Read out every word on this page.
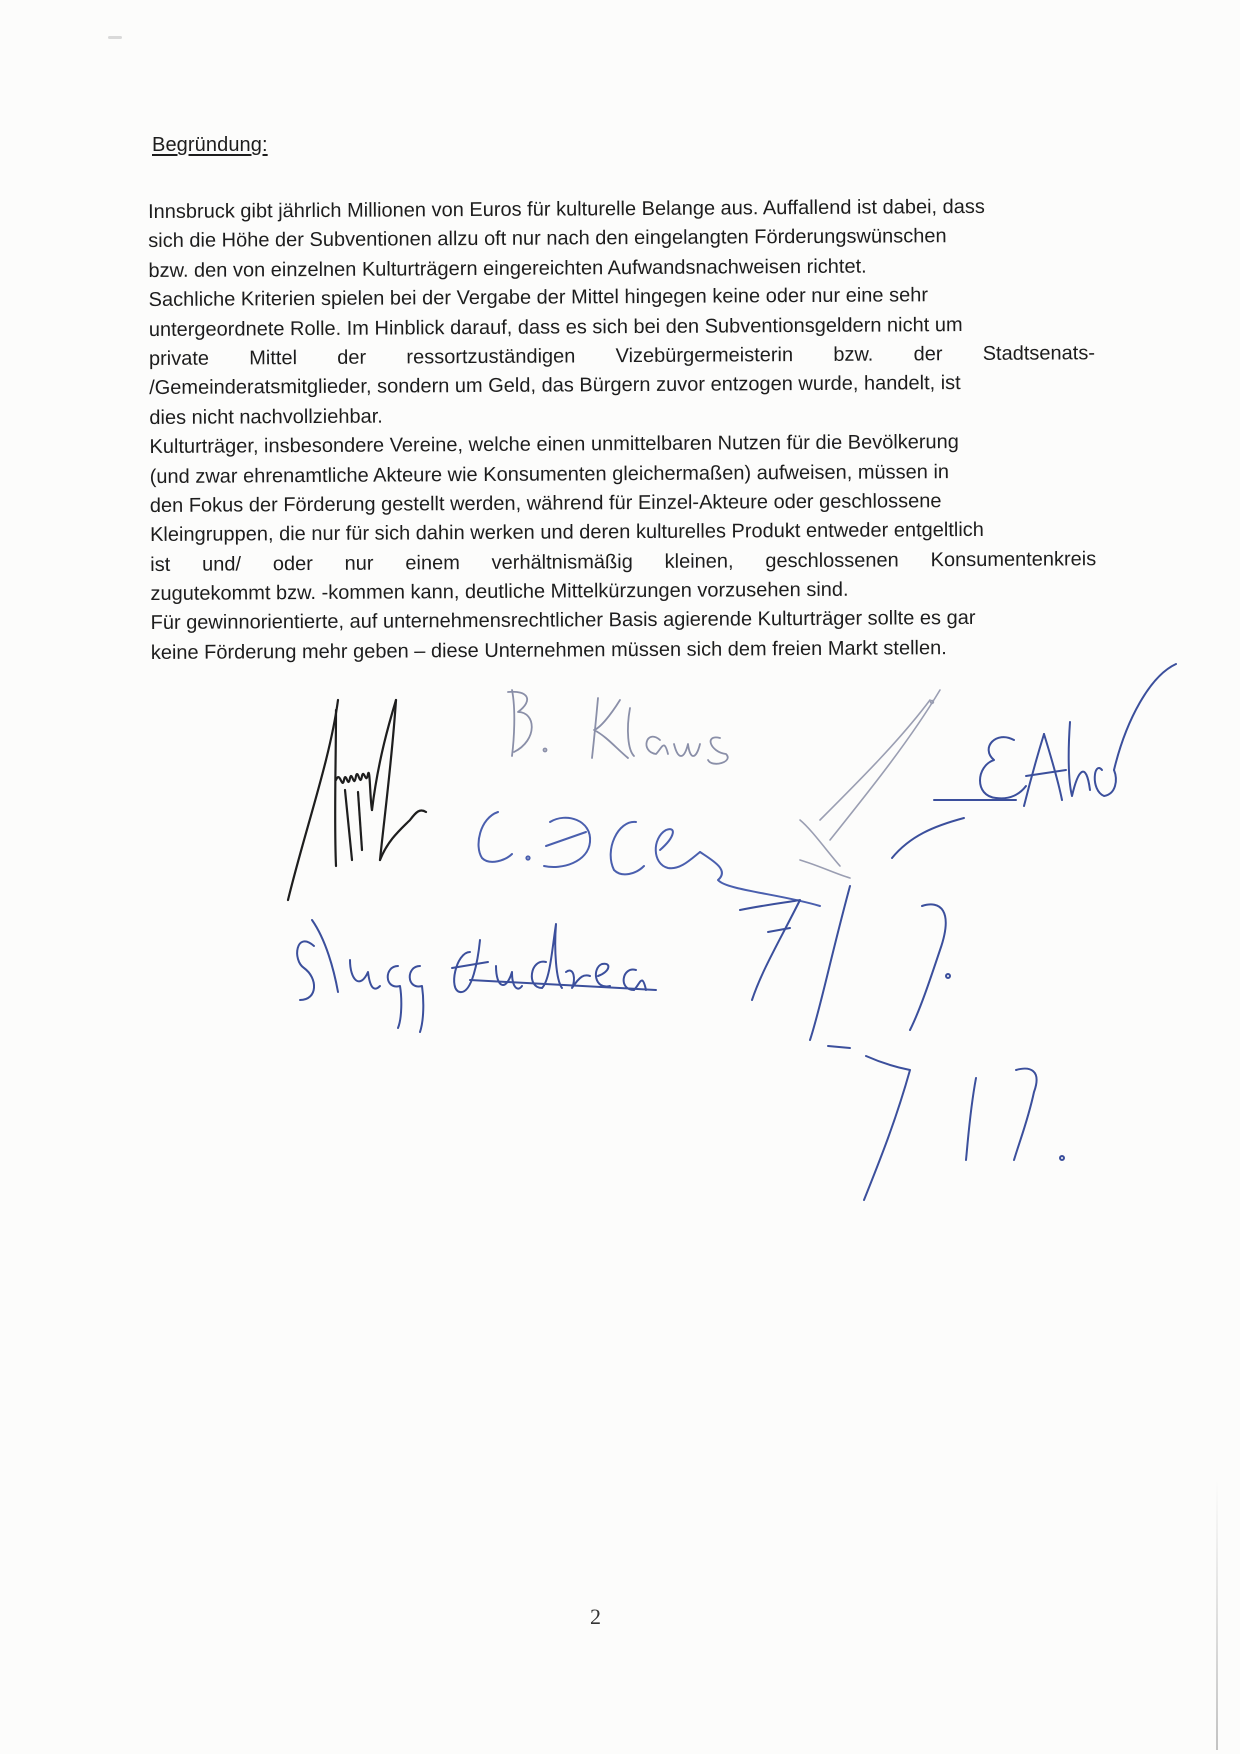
Begründung:
Innsbruck gibt jährlich Millionen von Euros für kulturelle Belange aus. Auffallend ist dabei, dass
sich die Höhe der Subventionen allzu oft nur nach den eingelangten Förderungswünschen
bzw. den von einzelnen Kulturträgern eingereichten Aufwandsnachweisen richtet.
Sachliche Kriterien spielen bei der Vergabe der Mittel hingegen keine oder nur eine sehr
untergeordnete Rolle. Im Hinblick darauf, dass es sich bei den Subventionsgeldern nicht um
private Mittel der ressortzuständigen Vizebürgermeisterin bzw. der Stadtsenats-
/Gemeinderatsmitglieder, sondern um Geld, das Bürgern zuvor entzogen wurde, handelt, ist
dies nicht nachvollziehbar.
Kulturträger, insbesondere Vereine, welche einen unmittelbaren Nutzen für die Bevölkerung
(und zwar ehrenamtliche Akteure wie Konsumenten gleichermaßen) aufweisen, müssen in
den Fokus der Förderung gestellt werden, während für Einzel-Akteure oder geschlossene
Kleingruppen, die nur für sich dahin werken und deren kulturelles Produkt entweder entgeltlich
ist und/ oder nur einem verhältnismäßig kleinen, geschlossenen Konsumentenkreis
zugutekommt bzw. -kommen kann, deutliche Mittelkürzungen vorzusehen sind.
Für gewinnorientierte, auf unternehmensrechtlicher Basis agierende Kulturträger sollte es gar
keine Förderung mehr geben – diese Unternehmen müssen sich dem freien Markt stellen.
2
